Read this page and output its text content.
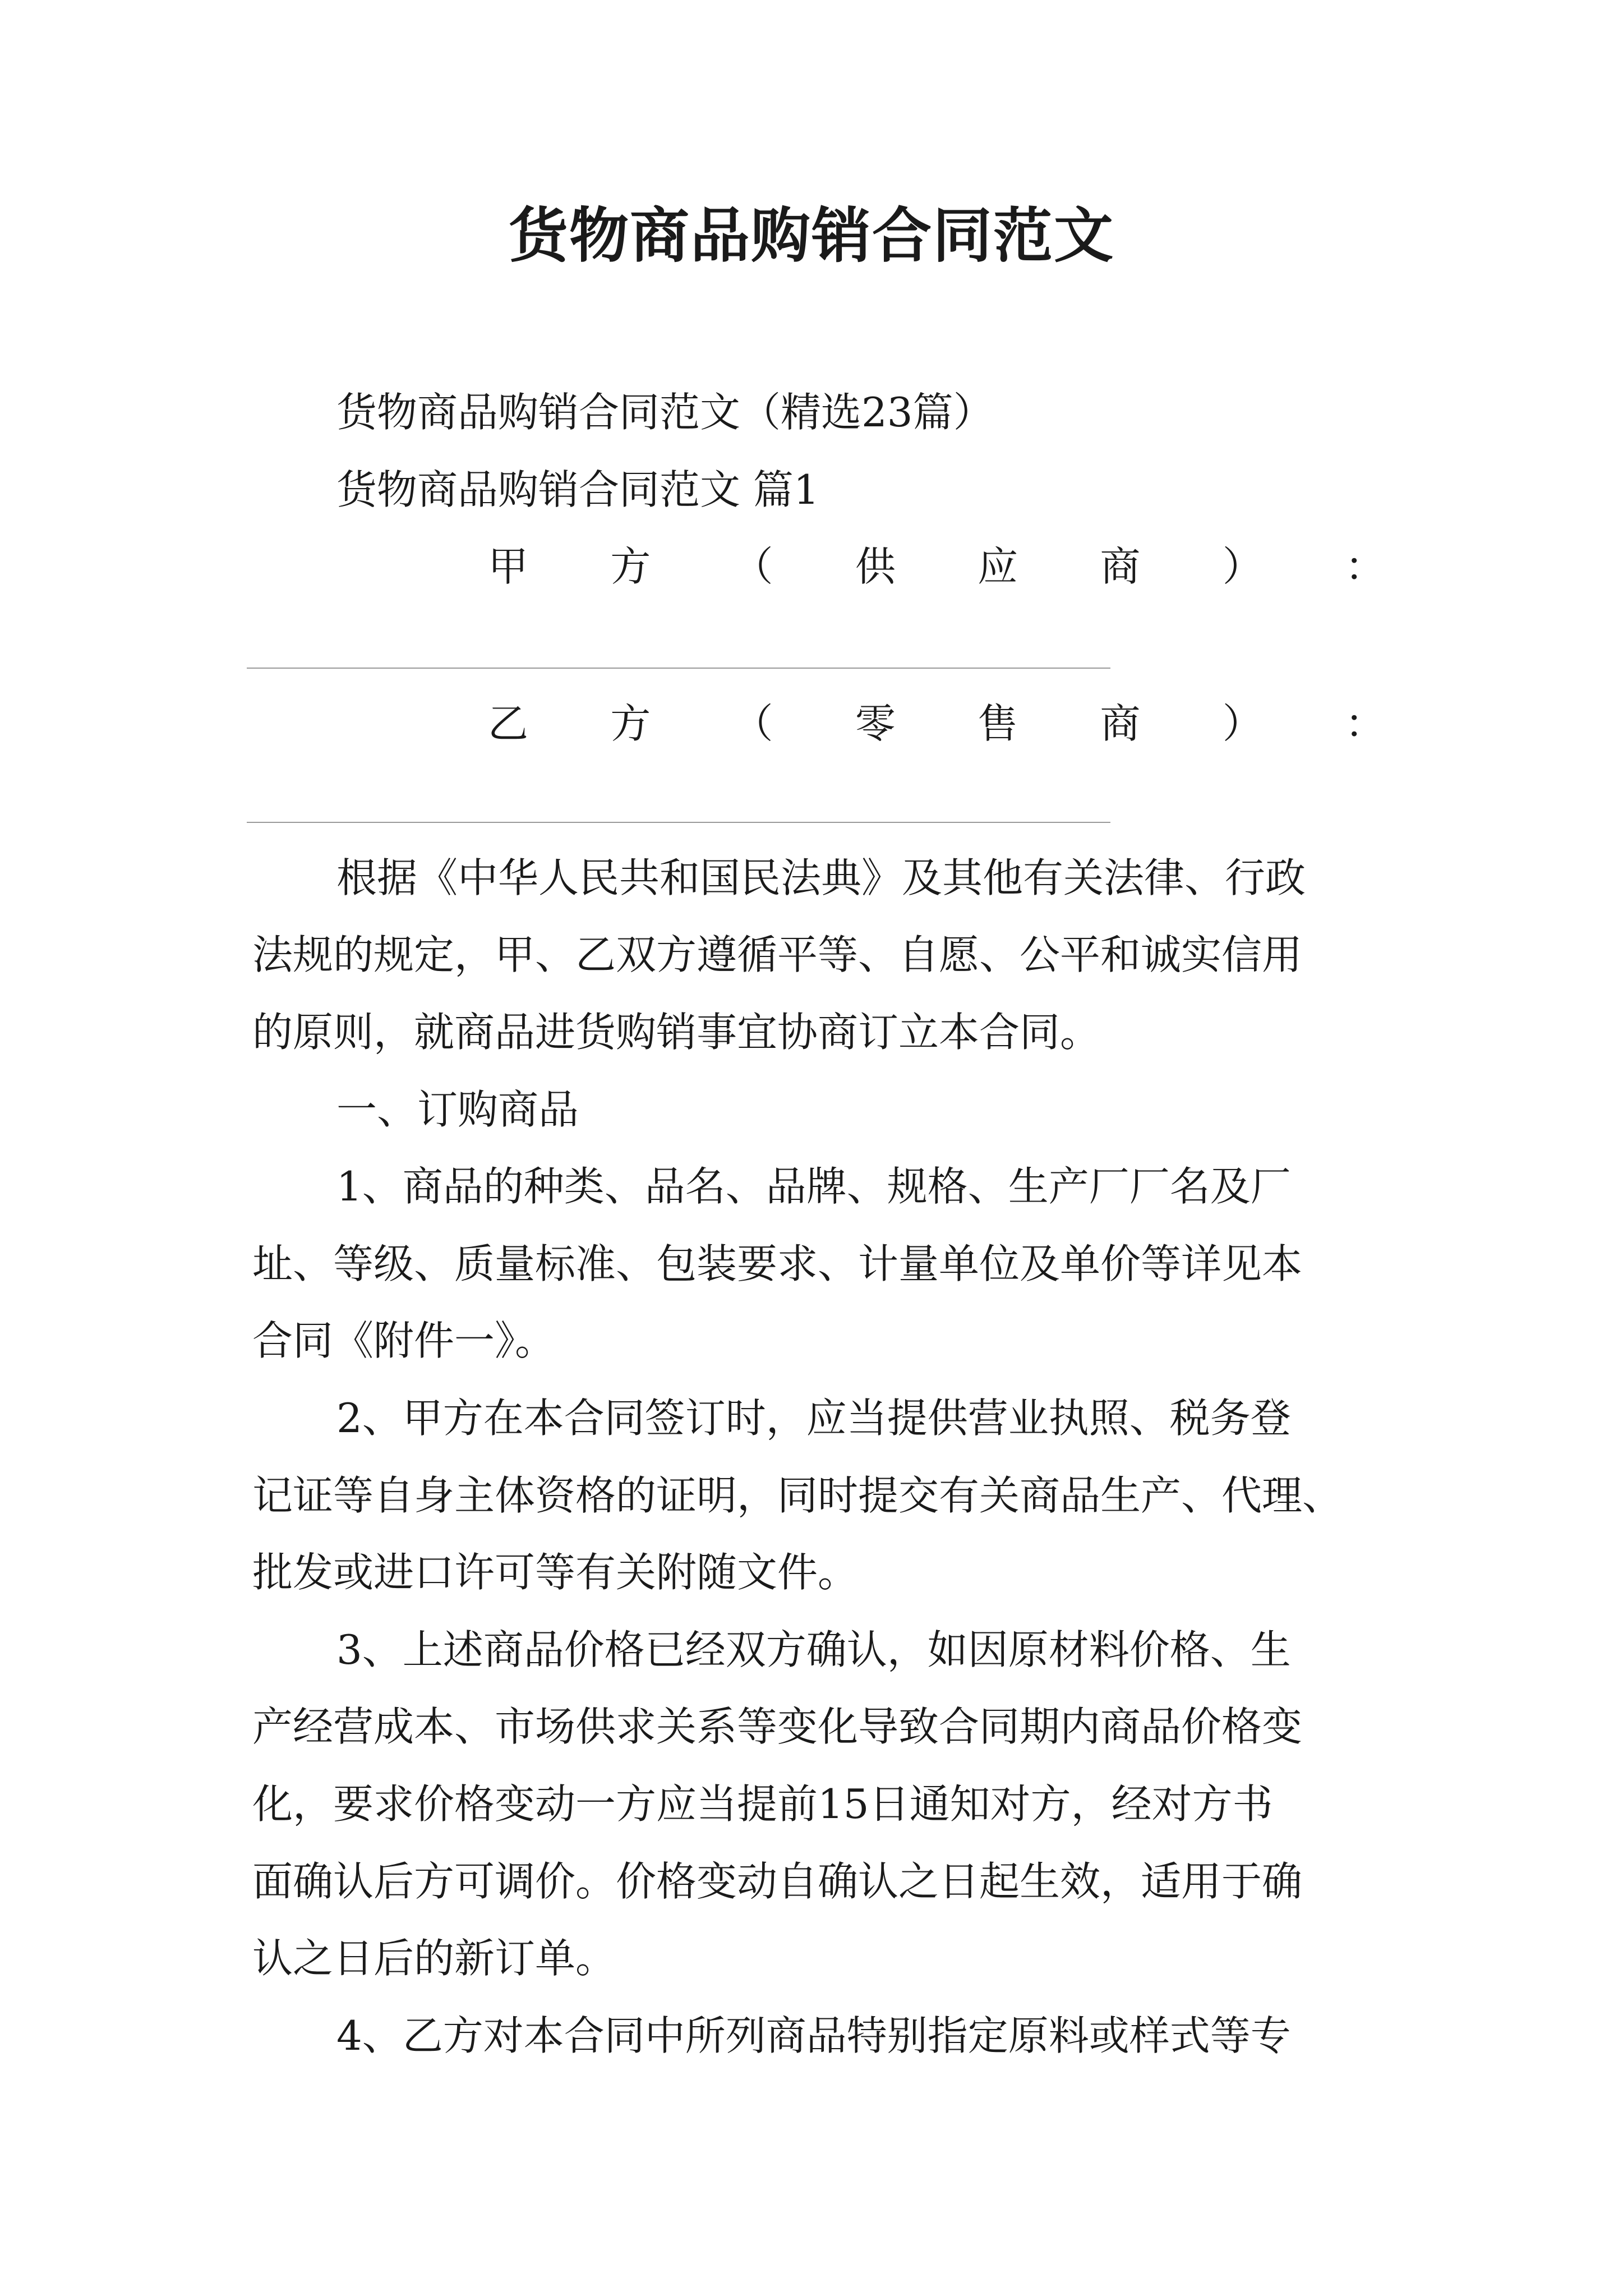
货物商品购销合同范文
货物商品购销合同范文（精选23篇）
货物商品购销合同范文 篇1
甲 方 （ 供 应 商 ） ：
乙 方 （ 零 售 商 ） ：
根据《中华人民共和国民法典》及其他有关法律、行政
法规的规定，甲、乙双方遵循平等、自愿、公平和诚实信用
的原则，就商品进货购销事宜协商订立本合同。
一、订购商品
1、商品的种类、品名、品牌、规格、生产厂厂名及厂
址、等级、质量标准、包装要求、计量单位及单价等详见本
合同《附件一》。
2、甲方在本合同签订时，应当提供营业执照、税务登
记证等自身主体资格的证明，同时提交有关商品生产、代理、
批发或进口许可等有关附随文件。
3、上述商品价格已经双方确认，如因原材料价格、生
产经营成本、市场供求关系等变化导致合同期内商品价格变
化，要求价格变动一方应当提前15日通知对方，经对方书
面确认后方可调价。价格变动自确认之日起生效，适用于确
认之日后的新订单。
4、乙方对本合同中所列商品特别指定原料或样式等专
